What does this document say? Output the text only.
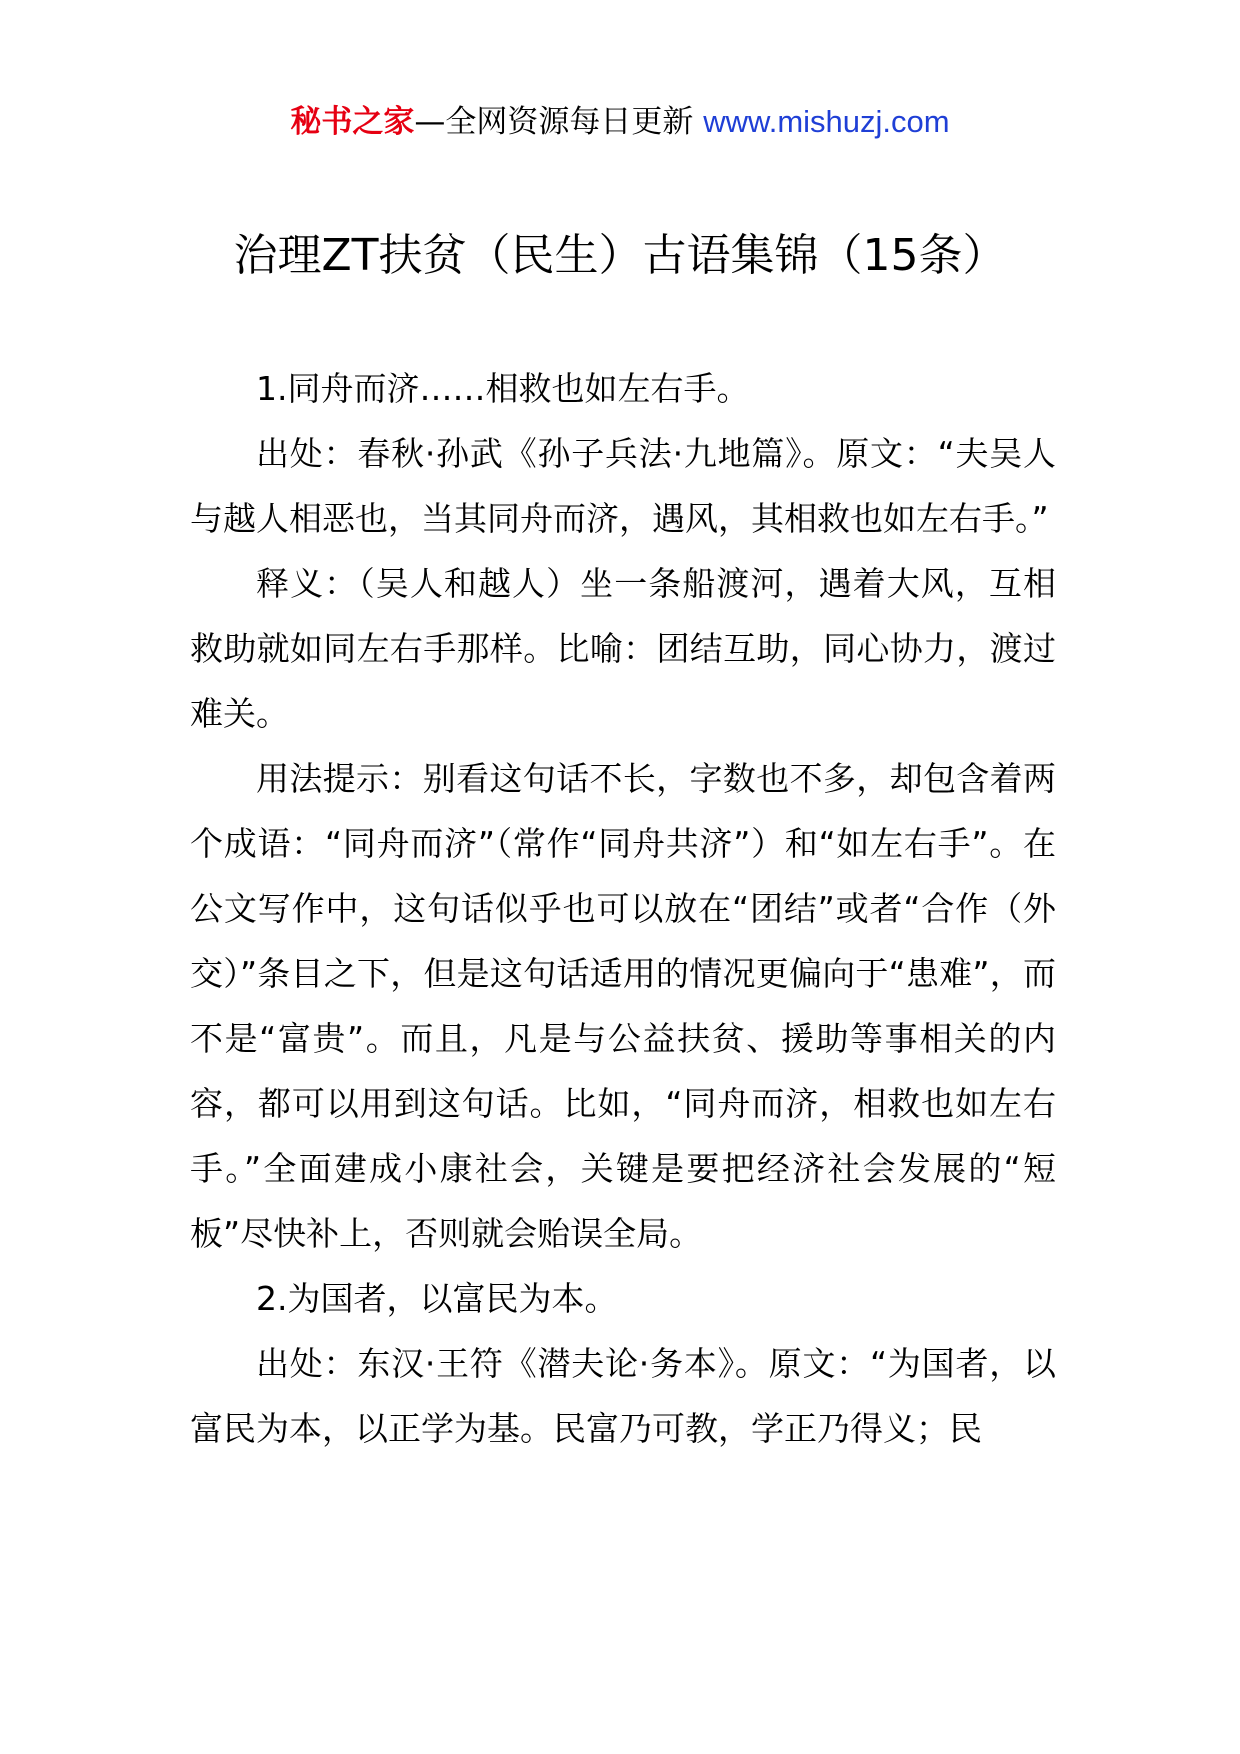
秘书之家—全网资源每日更新 www.mishuzj.com
治理ZT扶贫（民生）古语集锦（15条）

1.同舟而济……相救也如左右手。

出处：春秋·孙武《孙子兵法·九地篇》。原文：“夫吴人与越人相恶也，当其同舟而济，遇风，其相救也如左右手。”

释义：（吴人和越人）坐一条船渡河，遇着大风，互相救助就如同左右手那样。比喻：团结互助，同心协力，渡过难关。

用法提示：别看这句话不长，字数也不多，却包含着两个成语：“同舟而济”（常作“同舟共济”）和“如左右手”。在公文写作中，这句话似乎也可以放在“团结”或者“合作（外交）”条目之下，但是这句话适用的情况更偏向于“患难”，而不是“富贵”。而且，凡是与公益扶贫、援助等事相关的内容，都可以用到这句话。比如，“同舟而济，相救也如左右手。”全面建成小康社会，关键是要把经济社会发展的“短板”尽快补上，否则就会贻误全局。

2.为国者，以富民为本。

出处：东汉·王符《潜夫论·务本》。原文：“为国者，以富民为本，以正学为基。民富乃可教，学正乃得义；民
